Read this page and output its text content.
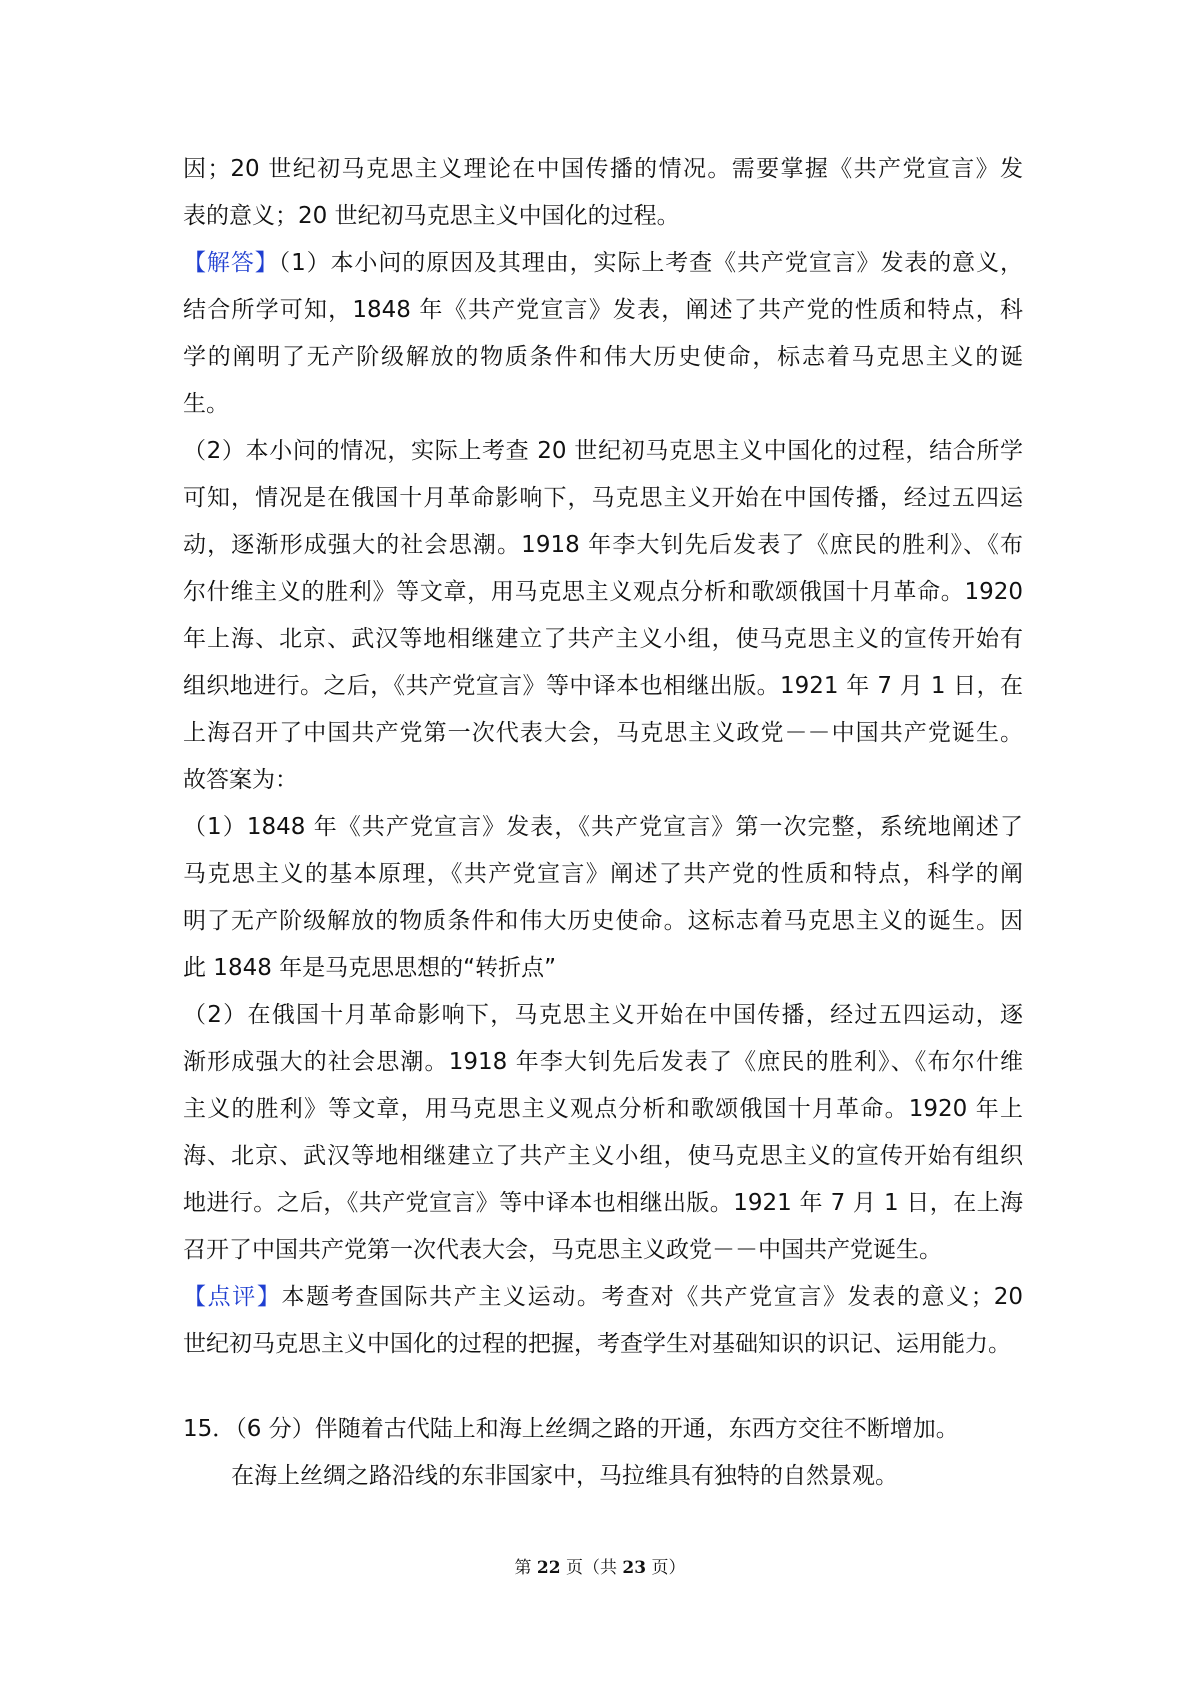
因；20 世纪初马克思主义理论在中国传播的情况。需要掌握《共产党宣言》发
表的意义；20 世纪初马克思主义中国化的过程。
【解答】（1）本小问的原因及其理由，实际上考查《共产党宣言》发表的意义，
结合所学可知，1848 年《共产党宣言》发表，阐述了共产党的性质和特点，科
学的阐明了无产阶级解放的物质条件和伟大历史使命，标志着马克思主义的诞
生。
（2）本小问的情况，实际上考查 20 世纪初马克思主义中国化的过程，结合所学
可知，情况是在俄国十月革命影响下，马克思主义开始在中国传播，经过五四运
动，逐渐形成强大的社会思潮。1918 年李大钊先后发表了《庶民的胜利》、《布
尔什维主义的胜利》等文章，用马克思主义观点分析和歌颂俄国十月革命。1920
年上海、北京、武汉等地相继建立了共产主义小组，使马克思主义的宣传开始有
组织地进行。之后，《共产党宣言》等中译本也相继出版。1921 年 7 月 1 日，在
上海召开了中国共产党第一次代表大会，马克思主义政党－－中国共产党诞生。
故答案为：
（1）1848 年《共产党宣言》发表，《共产党宣言》第一次完整，系统地阐述了
马克思主义的基本原理，《共产党宣言》阐述了共产党的性质和特点，科学的阐
明了无产阶级解放的物质条件和伟大历史使命。这标志着马克思主义的诞生。因
此 1848 年是马克思思想的“转折点”
（2）在俄国十月革命影响下，马克思主义开始在中国传播，经过五四运动，逐
渐形成强大的社会思潮。1918 年李大钊先后发表了《庶民的胜利》、《布尔什维
主义的胜利》等文章，用马克思主义观点分析和歌颂俄国十月革命。1920 年上
海、北京、武汉等地相继建立了共产主义小组，使马克思主义的宣传开始有组织
地进行。之后，《共产党宣言》等中译本也相继出版。1921 年 7 月 1 日，在上海
召开了中国共产党第一次代表大会，马克思主义政党－－中国共产党诞生。
【点评】本题考查国际共产主义运动。考查对《共产党宣言》发表的意义；20
世纪初马克思主义中国化的过程的把握，考查学生对基础知识的识记、运用能力。
15．（6 分）伴随着古代陆上和海上丝绸之路的开通，东西方交往不断增加。
在海上丝绸之路沿线的东非国家中，马拉维具有独特的自然景观。
第 22 页（共 23 页）
